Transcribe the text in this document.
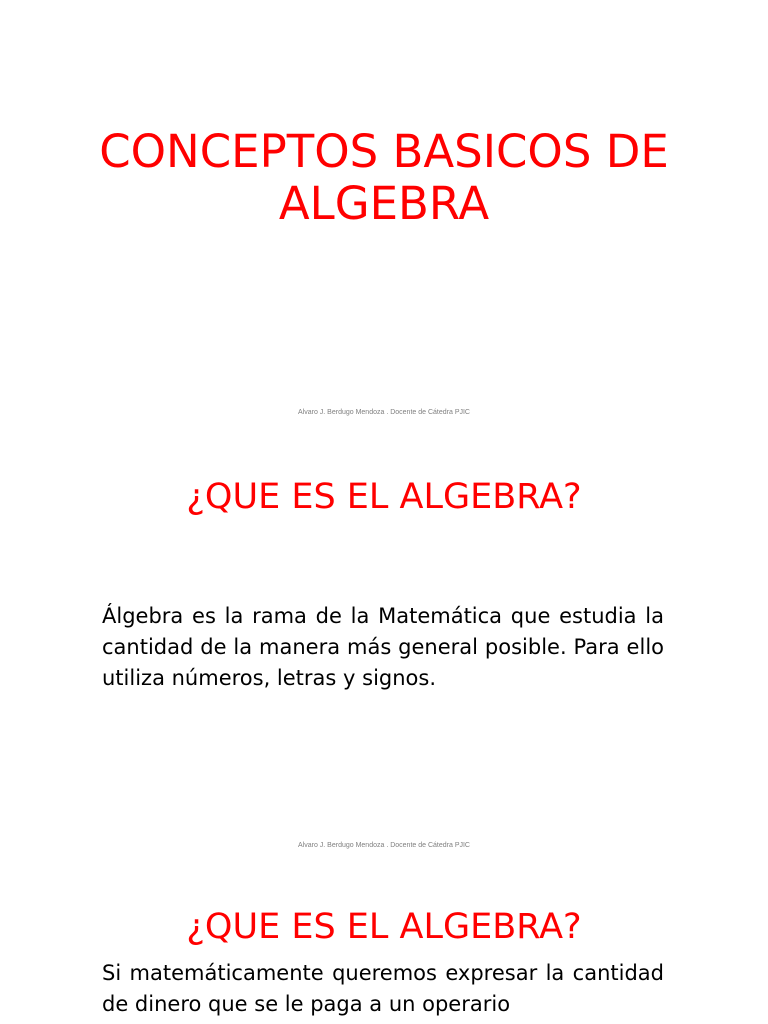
CONCEPTOS BASICOS DE ALGEBRA
Alvaro J. Berdugo Mendoza . Docente de Cátedra PJIC
¿QUE ES EL ALGEBRA?

Álgebra es la rama de la Matemática que estudia la cantidad de la manera más general posible. Para ello utiliza números, letras y signos.

Alvaro J. Berdugo Mendoza . Docente de Cátedra PJIC
¿QUE ES EL ALGEBRA?

Si matemáticamente queremos expresar la cantidad de dinero que se le paga a un operario
